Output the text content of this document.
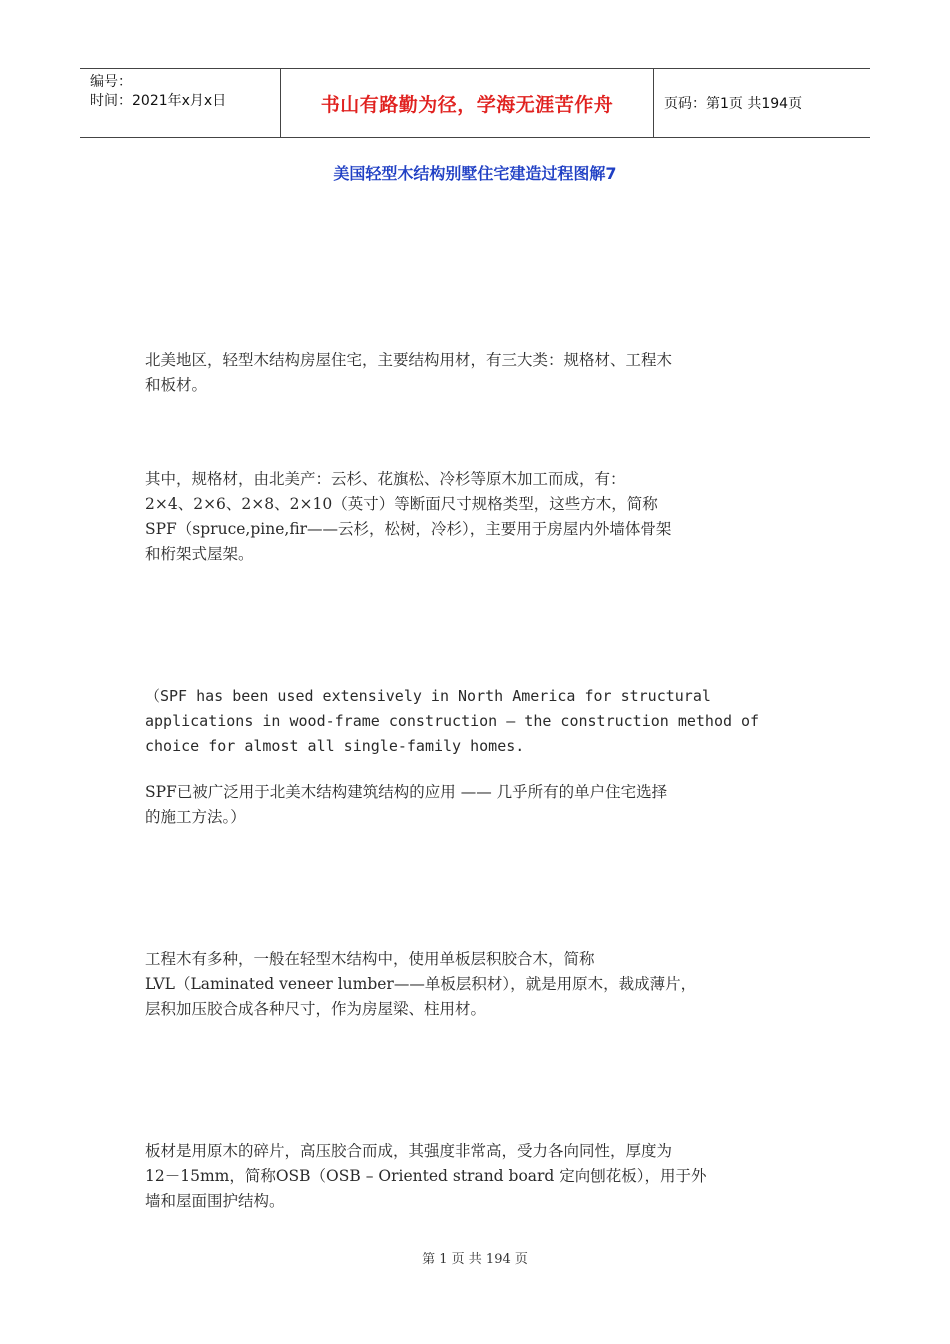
编号：
时间：2021年x月x日	书山有路勤为径，学海无涯苦作舟	页码：第1页 共194页
美国轻型木结构别墅住宅建造过程图解7
北美地区，轻型木结构房屋住宅，主要结构用材，有三大类：规格材、工程木
和板材。
其中，规格材，由北美产：云杉、花旗松、冷杉等原木加工而成，有：
2×4、2×6、2×8、2×10（英寸）等断面尺寸规格类型，这些方木，简称
SPF（spruce,pine,fir——云杉，松树，冷杉），主要用于房屋内外墙体骨架
和桁架式屋架。
（SPF has been used extensively in North America for structural
applications in wood-frame construction – the construction method of
choice for almost all single-family homes.
SPF已被广泛用于北美木结构建筑结构的应用 —— 几乎所有的单户住宅选择
的施工方法。）
工程木有多种，一般在轻型木结构中，使用单板层积胶合木，简称
LVL（Laminated veneer lumber——单板层积材），就是用原木，裁成薄片，
层积加压胶合成各种尺寸，作为房屋梁、柱用材。
板材是用原木的碎片，高压胶合而成，其强度非常高，受力各向同性，厚度为
12－15mm，简称OSB（OSB – Oriented strand board 定向刨花板），用于外
墙和屋面围护结构。
第 1 页 共 194 页
